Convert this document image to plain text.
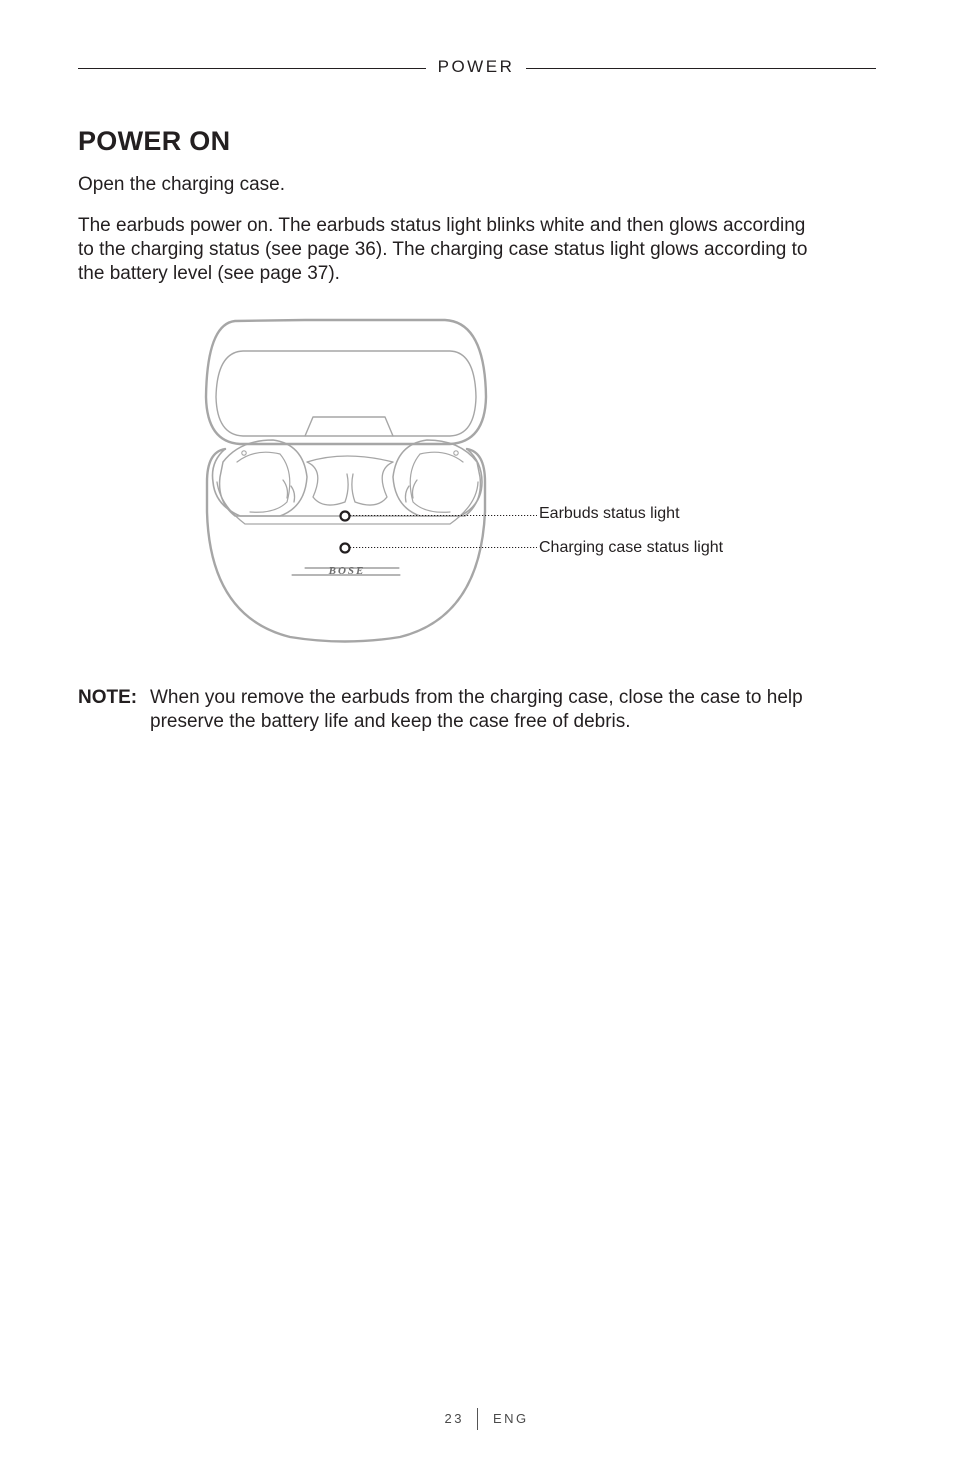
POWER
POWER ON

Open the charging case.

The earbuds power on. The earbuds status light blinks white and then glows according to the charging status (see page 36). The charging case status light glows according to the battery level (see page 37).

BOSE
Earbuds status light
Charging case status light
NOTE: When you remove the earbuds from the charging case, close the case to help preserve the battery life and keep the case free of debris.
23 ENG
